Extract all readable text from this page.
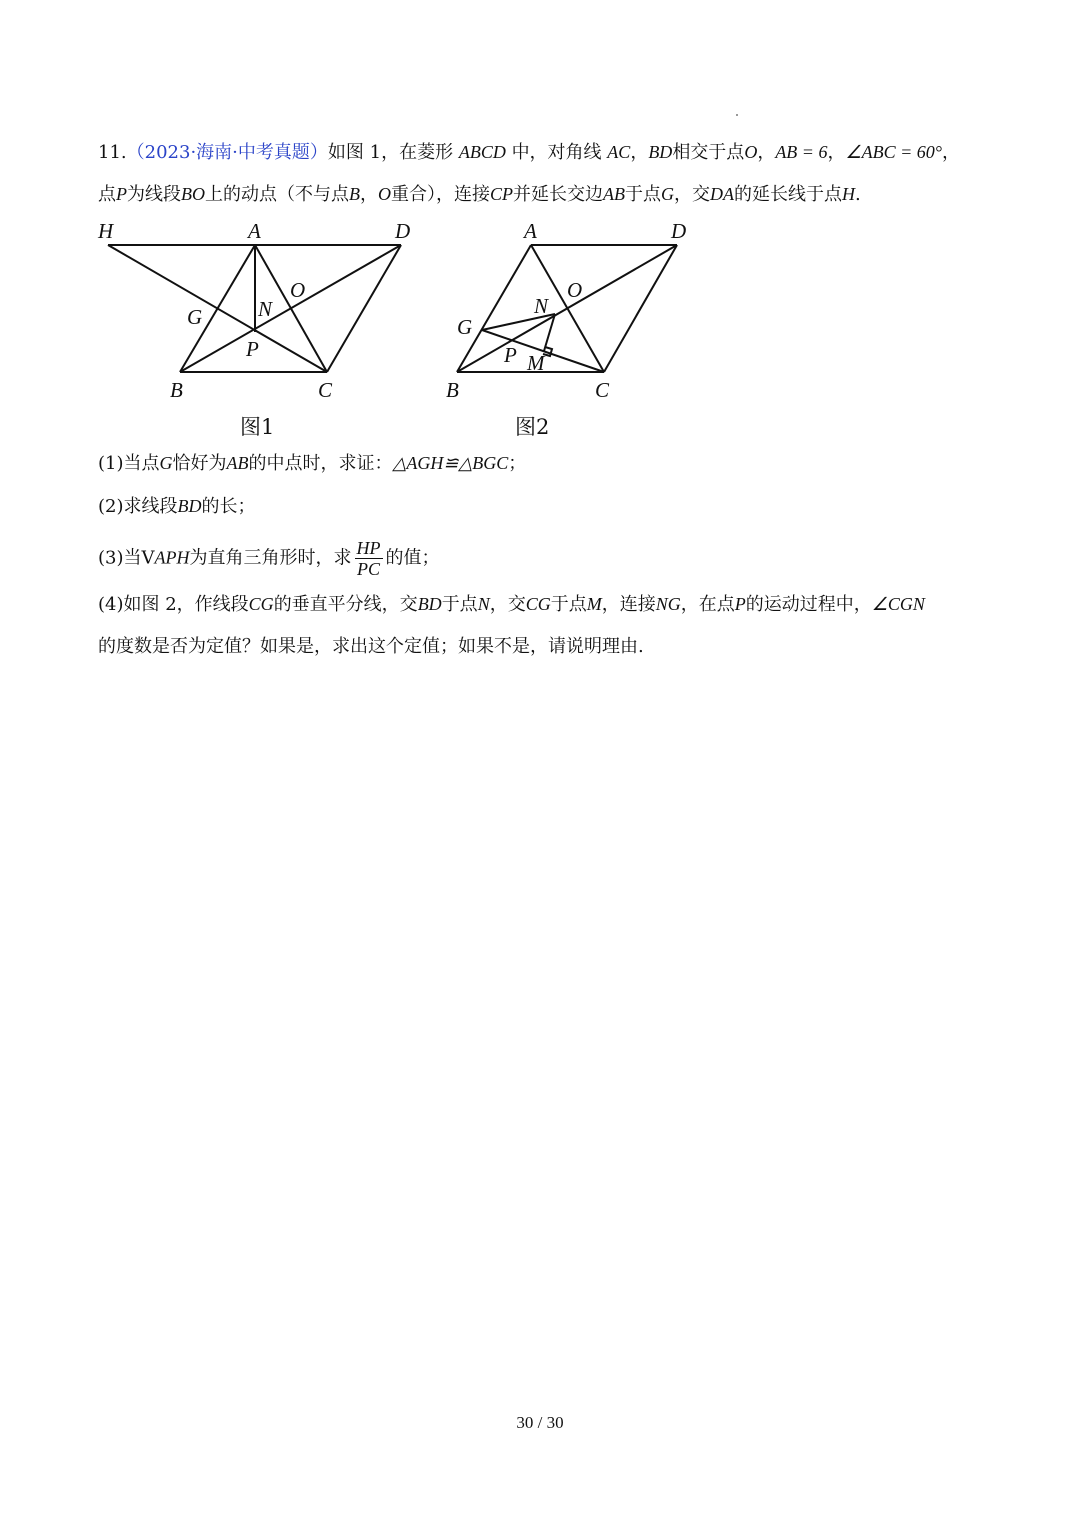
11.（2023·海南·中考真题）如图 1，在菱形 ABCD 中，对角线 AC，BD相交于点O，AB = 6，∠ABC = 60°，
点P为线段BO上的动点（不与点B，O重合），连接CP并延长交边AB于点G，交DA的延长线于点H.
H	A	D
O
G	N
P
B	C
A	D
N
O
G
P M
B	C
图1	图2
(1)当点G恰好为AB的中点时，求证：△AGH≌△BGC；
(2)求线段BD的长；
(3)当VAPH为直角三角形时，求 $\frac{HP}{PC}$ 的值；
(4)如图 2，作线段CG的垂直平分线，交BD于点N，交CG于点M，连接NG，在点P的运动过程中，∠CGN
的度数是否为定值？如果是，求出这个定值；如果不是，请说明理由.
30 / 30
